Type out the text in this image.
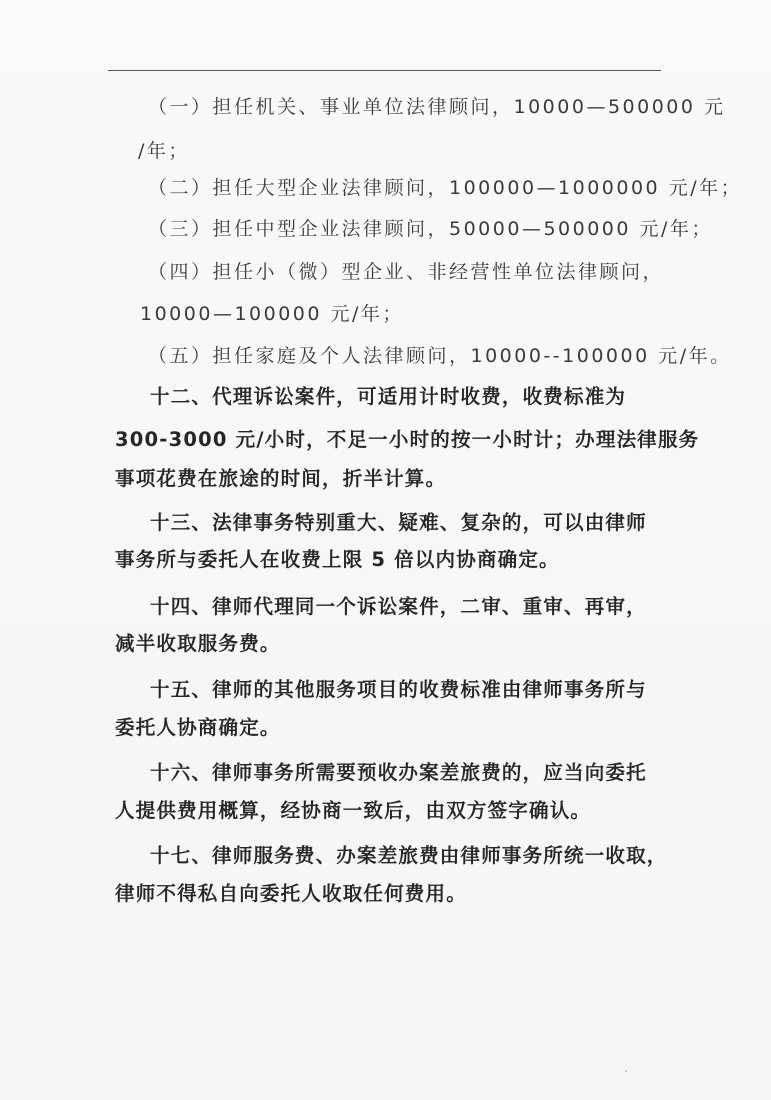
（一）担任机关、事业单位法律顾问，10000—500000 元
/年；
（二）担任大型企业法律顾问，100000—1000000 元/年；
（三）担任中型企业法律顾问，50000—500000 元/年；
（四）担任小（微）型企业、非经营性单位法律顾问，
10000—100000 元/年；
（五）担任家庭及个人法律顾问，10000--100000 元/年。
十二、代理诉讼案件，可适用计时收费，收费标准为
300-3000 元/小时，不足一小时的按一小时计；办理法律服务
事项花费在旅途的时间，折半计算。
十三、法律事务特别重大、疑难、复杂的，可以由律师
事务所与委托人在收费上限 5 倍以内协商确定。
十四、律师代理同一个诉讼案件，二审、重审、再审，
减半收取服务费。
十五、律师的其他服务项目的收费标准由律师事务所与
委托人协商确定。
十六、律师事务所需要预收办案差旅费的，应当向委托
人提供费用概算，经协商一致后，由双方签字确认。
十七、律师服务费、办案差旅费由律师事务所统一收取，
律师不得私自向委托人收取任何费用。
